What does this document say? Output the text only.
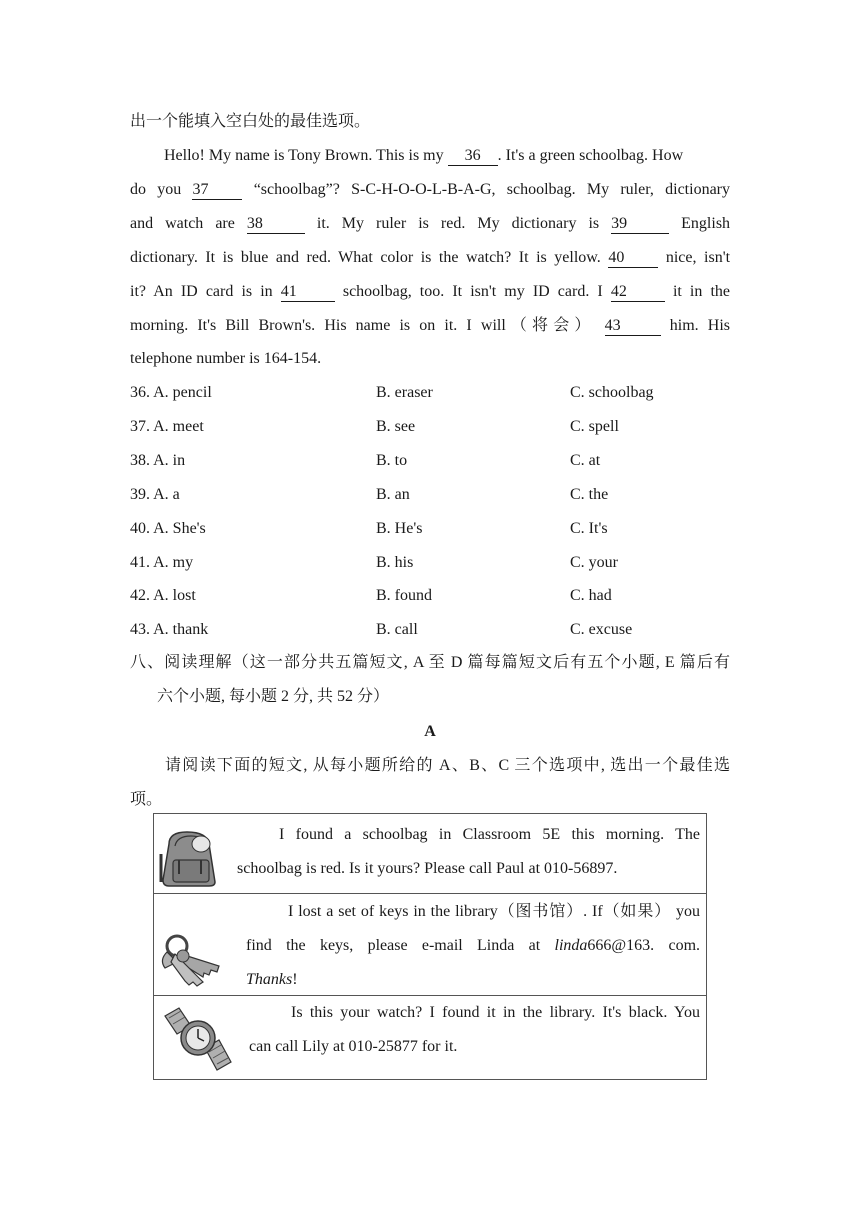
出一个能填入空白处的最佳选项。
Hello! My name is Tony Brown. This is my 36 . It's a green schoolbag. How
do you 37	“schoolbag”? S-C-H-O-O-L-B-A-G, schoolbag. My ruler, dictionary
and watch are 38	it. My ruler is red. My dictionary is 39	English
dictionary. It is blue and red. What color is the watch? It is yellow. 40	nice, isn't
it? An ID card is in 41	schoolbag, too. It isn't my ID card. I 42	it in the
morning. It's Bill Brown's. His name is on it. I will（将会） 43	him. His
telephone number is 164-154.
36. A. pencil	B. eraser	C. schoolbag
37. A. meet	B. see	C. spell
38. A. in	B. to	C. at
39. A. a	B. an	C. the
40. A. She's	B. He's	C. It's
41. A. my	B. his	C. your
42. A. lost	B. found	C. had
43. A. thank	B. call	C. excuse
八、阅读理解（这一部分共五篇短文, A 至 D 篇每篇短文后有五个小题, E 篇后有
六个小题, 每小题 2 分, 共 52 分）
A
请阅读下面的短文, 从每小题所给的 A、B、C 三个选项中, 选出一个最佳选
项。
I found a schoolbag in Classroom 5E this morning. The
schoolbag is red. Is it yours? Please call Paul at 010-56897.

I lost a set of keys in the library（图书馆）. If（如果） you
find the keys, please e-mail Linda at linda666@163. com.
Thanks!

Is this your watch? I found it in the library. It's black. You
can call Lily at 010-25877 for it.
